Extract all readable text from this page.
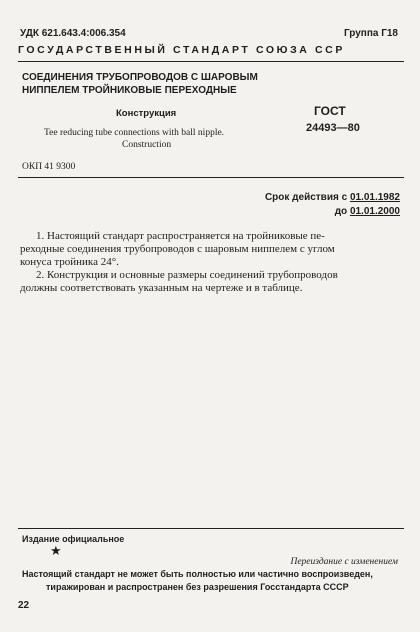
УДК 621.643.4:006.354	Группа Г18
ГОСУДАРСТВЕННЫЙ СТАНДАРТ СОЮЗА ССР
СОЕДИНЕНИЯ ТРУБОПРОВОДОВ С ШАРОВЫМ
НИППЕЛЕМ ТРОЙНИКОВЫЕ ПЕРЕХОДНЫЕ
Конструкция
Tee reducing tube connections with ball nipple.
Construction
ГОСТ
24493—80
ОКП 41 9300
Срок действия с 01.01.1982
до 01.01.2000
1. Настоящий стандарт распространяется на тройниковые пе-
реходные соединения трубопроводов с шаровым ниппелем с углом
конуса тройника 24°.
2. Конструкция и основные размеры соединений трубопроводов
должны соответствовать указанным на чертеже и в таблице.
Издание официальное
★
Переиздание с изменением
Настоящий стандарт не может быть полностью или частично воспроизведен,
тиражирован и распространен без разрешения Госстандарта СССР
22
